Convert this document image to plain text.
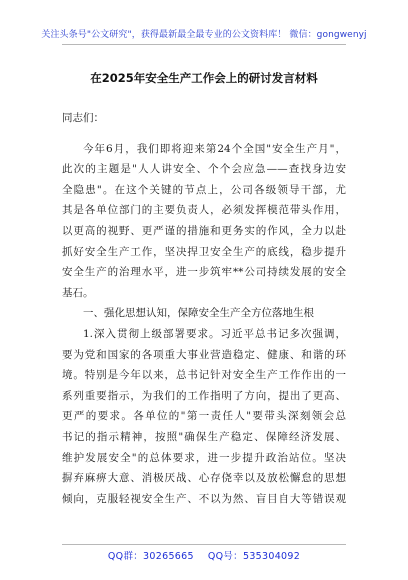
关注头条号"公文研究"，获得最新最全最专业的公文资料库！ 微信：gongwenyj
在2025年安全生产工作会上的研讨发言材料
同志们：
今年6月，我们即将迎来第24个全国"安全生产月"，
此次的主题是"人人讲安全、个个会应急——查找身边安
全隐患"。在这个关键的节点上，公司各级领导干部，尤
其是各单位部门的主要负责人，必须发挥模范带头作用，
以更高的视野、更严谨的措施和更务实的作风，全力以赴
抓好安全生产工作，坚决捍卫安全生产的底线，稳步提升
安全生产的治理水平，进一步筑牢**公司持续发展的安全
基石。
一、强化思想认知，保障安全生产全方位落地生根
1.深入贯彻上级部署要求。习近平总书记多次强调，
要为党和国家的各项重大事业营造稳定、健康、和谐的环
境。特别是今年以来，总书记针对安全生产工作作出的一
系列重要指示，为我们的工作指明了方向，提出了更高、
更严的要求。各单位的"第一责任人"要带头深刻领会总
书记的指示精神，按照"确保生产稳定、保障经济发展、
维护发展安全"的总体要求，进一步提升政治站位。坚决
摒弃麻痹大意、消极厌战、心存侥幸以及放松懈怠的思想
倾向，克服轻视安全生产、不以为然、盲目自大等错误观
QQ群：30265665 QQ号：535304092
